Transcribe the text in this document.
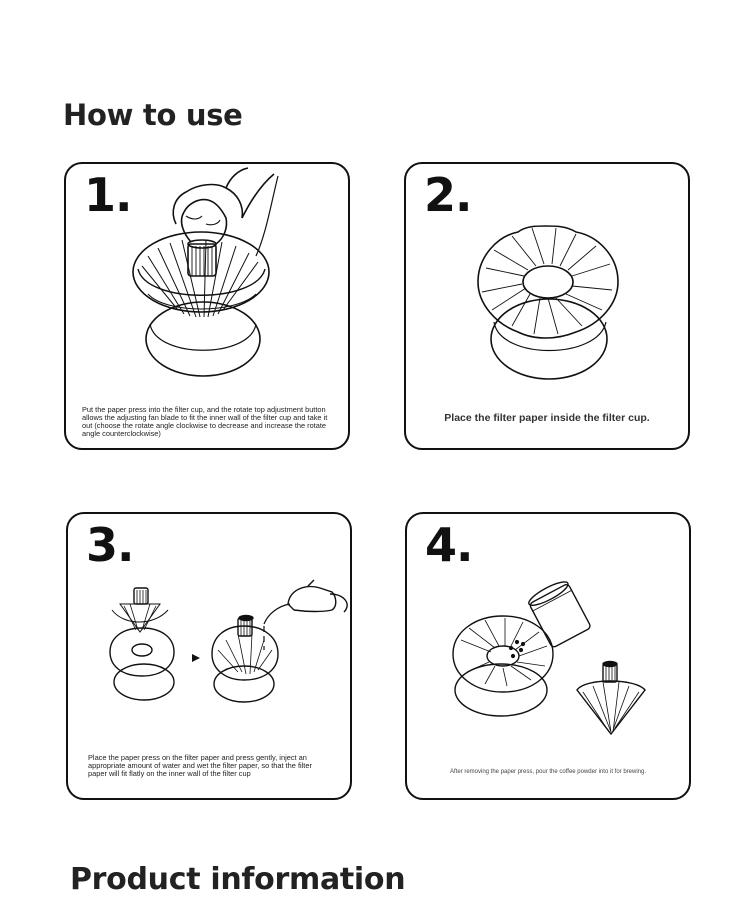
How to use
1.
Put the paper press into the filter cup, and the rotate top adjustment button allows the adjusting fan blade to fit the inner wall of the filter cup and take it out (choose the rotate angle clockwise to decrease and increase the rotate angle counterclockwise)
2.
Place the filter paper inside the filter cup.
3.
Place the paper press on the filter paper and press gently, inject an appropriate amount of water and wet the filter paper, so that the filter paper will fit flatly on the inner wall of the filter cup
4.
After removing the paper press, pour the coffee powder into it for brewing.
Product information
